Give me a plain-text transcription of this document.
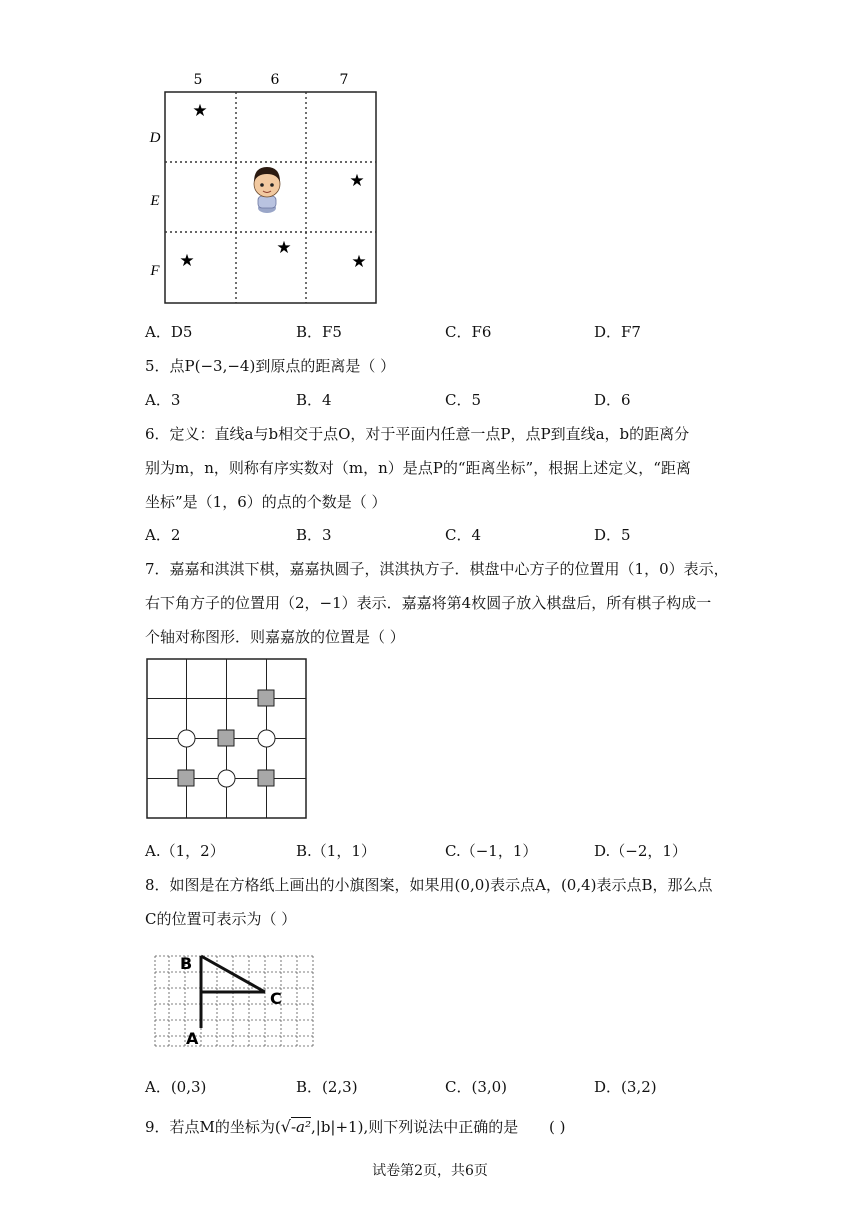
5	6	7
D
E
F
★
★
★
★
★
A．D5	B．F5	C．F6	D．F7
5．点P(−3,−4)到原点的距离是（ ）
A．3	B．4	C．5	D．6
6．定义：直线a与b相交于点O，对于平面内任意一点P，点P到直线a，b的距离分
别为m，n，则称有序实数对（m，n）是点P的“距离坐标”，根据上述定义，“距离
坐标”是（1，6）的点的个数是（ ）
A．2	B．3	C．4	D．5
7．嘉嘉和淇淇下棋，嘉嘉执圆子，淇淇执方子．棋盘中心方子的位置用（1，0）表示，
右下角方子的位置用（2，−1）表示．嘉嘉将第4枚圆子放入棋盘后，所有棋子构成一
个轴对称图形．则嘉嘉放的位置是（ ）
A.（1，2）	B.（1，1）	C.（−1，1）	D.（−2，1）
8．如图是在方格纸上画出的小旗图案，如果用(0,0)表示点A，(0,4)表示点B，那么点
C的位置可表示为（ ）
B
C
A
A．(0,3)	B．(2,3)	C．(3,0)	D．(3,2)
9．若点M的坐标为(√-a²,|b|+1),则下列说法中正确的是 ( )
试卷第2页，共6页
